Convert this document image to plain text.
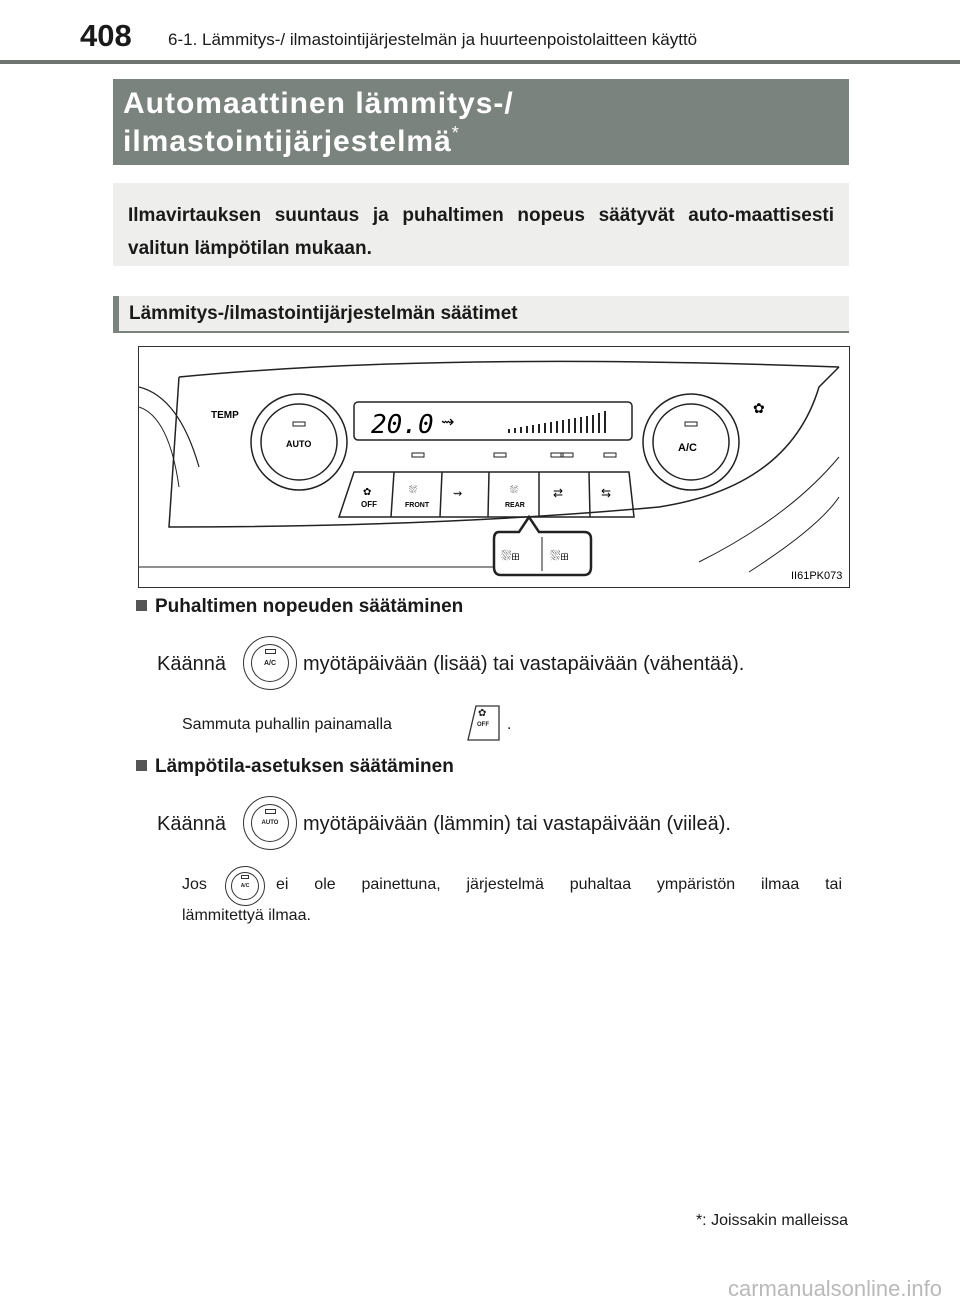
408 6-1. Lämmitys-/ ilmastointijärjestelmän ja huurteenpoistolaitteen käyttö
Automaattinen lämmitys-/
ilmastointijärjestelmä*
Ilmavirtauksen suuntaus ja puhaltimen nopeus säätyvät auto-maattisesti valitun lämpötilan mukaan.
Lämmitys-/ilmastointijärjestelmän säätimet
TEMP
AUTO	A/C
✿
20.0 ⇝
✿
OFF
⛆
FRONT
⇝	⛆
REAR
⇄	⇆
⛆⊞ ⛆⊞
II61PK073
Puhaltimen nopeuden säätäminen
Käännä	A/C	myötäpäivään (lisää) tai vastapäivään (vähentää).
Sammuta puhallin painamalla
✿
OFF .
Lämpötila-asetuksen säätäminen
Käännä	AUTO	myötäpäivään (lämmin) tai vastapäivään (viileä).
Jos	A/C	ei ole painettuna, järjestelmä puhaltaa ympäristön ilmaa tai
lämmitettyä ilmaa.
*: Joissakin malleissa
carmanualsonline.info
